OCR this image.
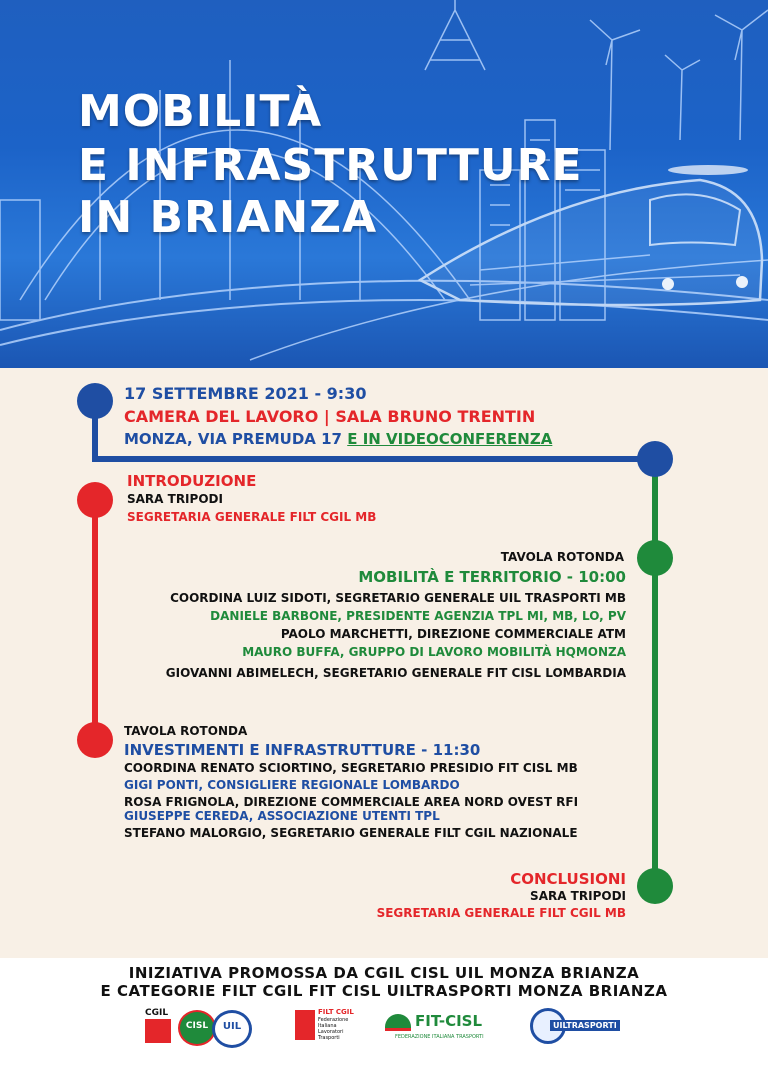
MOBILITÀ
E INFRASTRUTTURE
IN BRIANZA
17 SETTEMBRE 2021 - 9:30
CAMERA DEL LAVORO | SALA BRUNO TRENTIN
MONZA, VIA PREMUDA 17 E IN VIDEOCONFERENZA
INTRODUZIONE
SARA TRIPODI
SEGRETARIA GENERALE FILT CGIL MB
TAVOLA ROTONDA
MOBILITÀ E TERRITORIO - 10:00
COORDINA LUIZ SIDOTI, SEGRETARIO GENERALE UIL TRASPORTI MB
DANIELE BARBONE, PRESIDENTE AGENZIA TPL MI, MB, LO, PV
PAOLO MARCHETTI, DIREZIONE COMMERCIALE ATM
MAURO BUFFA, GRUPPO DI LAVORO MOBILITÀ HQMONZA
GIOVANNI ABIMELECH, SEGRETARIO GENERALE FIT CISL LOMBARDIA
TAVOLA ROTONDA
INVESTIMENTI E INFRASTRUTTURE - 11:30
COORDINA RENATO SCIORTINO, SEGRETARIO PRESIDIO FIT CISL MB
GIGI PONTI, CONSIGLIERE REGIONALE LOMBARDO
ROSA FRIGNOLA, DIREZIONE COMMERCIALE AREA NORD OVEST RFI
GIUSEPPE CEREDA, ASSOCIAZIONE UTENTI TPL
STEFANO MALORGIO, SEGRETARIO GENERALE FILT CGIL NAZIONALE
CONCLUSIONI
SARA TRIPODI
SEGRETARIA GENERALE FILT CGIL MB
INIZIATIVA PROMOSSA DA CGIL CISL UIL MONZA BRIANZA
E CATEGORIE FILT CGIL FIT CISL UILTRASPORTI MONZA BRIANZA
CGIL
CISL	UIL
FILT CGIL
Federazione
Italiana
Lavoratori
Trasporti
FIT-CISL
FEDERAZIONE ITALIANA TRASPORTI
UILTRASPORTI
